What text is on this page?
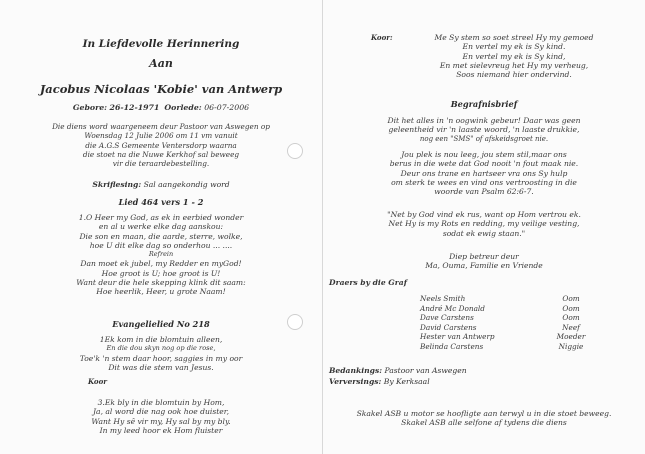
In Liefdevolle Herinnering
Aan
Jacobus Nicolaas 'Kobie' van Antwerp
Gebore: 26-12-1971 Oorlede: 06-07-2006
Die diens word waargeneem deur Pastoor van Aswegen op
Woensdag 12 Julie 2006 om 11 vm vanuit
die A.G.S Gemeente Ventersdorp waarna
die stoet na die Nuwe Kerkhof sal beweeg
vir die teraardebestelling.
Skriflesing: Sal aangekondig word
Lied 464 vers 1 - 2
1.O Heer my God, as ek in eerbied wonder
en al u werke elke dag aanskou:
Die son en maan, die aarde, sterre, wolke,
hoe U dit elke dag so onderhou ... ....
Refrein
Dan moet ek jubel, my Redder en myGod!
Hoe groot is U; hoe groot is U!
Want deur die hele skepping klink dit saam:
Hoe heerlik, Heer, u grote Naam!
Evangelielied No 218
1Ek kom in die blomtuin alleen,
En die dou skyn nog op die rose,
Toe'k 'n stem daar hoor, saggies in my oor
Dit was die stem van Jesus.
Koor
3.Ek bly in die blomtuin by Hom,
Ja, al word die nag ook hoe duister,
Want Hy sê vir my, Hy sal by my bly.
In my leed hoor ek Hom fluister
Koor:	Me Sy stem so soet streel Hy my gemoed
En vertel my ek is Sy kind.
En vertel my ek is Sy kind,
En met sielevreug het Hy my verheug,
Soos niemand hier ondervind.
Begrafnisbrief
Dit het alles in 'n oogwink gebeur! Daar was geen
geleentheid vir 'n laaste woord, 'n laaste drukkie,
nog een "SMS" of afskeidsgroet nie.
Jou plek is nou leeg, jou stem stil,maar ons
berus in die wete dat God nooit 'n fout maak nie.
Deur ons trane en hartseer vra ons Sy hulp
om sterk te wees en vind ons vertroosting in die
woorde van Psalm 62:6-7.
"Net by God vind ek rus, want op Hom vertrou ek.
Net Hy is my Rots en redding, my veilige vesting,
sodat ek ewig staan."
Diep betreur deur
Ma, Ouma, Familie en Vriende
Draers by die Graf
Neels Smith	Oom
André Mc Donald	Oom
Dave Carstens	Oom
David Carstens	Neef
Hester van Antwerp	Moeder
Belinda Carstens	Niggie
Bedankings: Pastoor van Aswegen
Verversings: By Kerksaal
Skakel ASB u motor se hoofligte aan terwyl u in die stoet beweeg.
Skakel ASB alle selfone af tydens die diens
